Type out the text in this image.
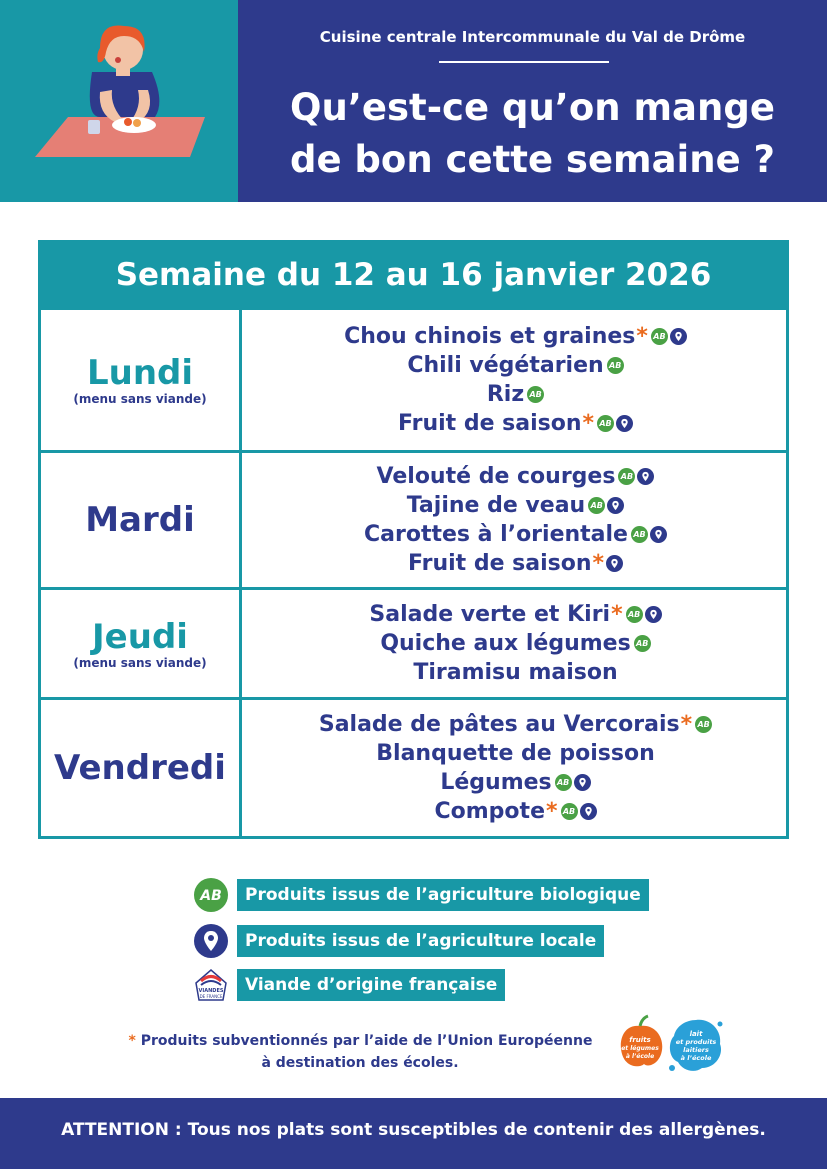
Cuisine centrale Intercommunale du Val de Drôme
Qu’est-ce qu’on mange
de bon cette semaine ?
Semaine du 12 au 16 janvier 2026
Lundi
(menu sans viande)
Chou chinois et graines * AB
Chili végétarien AB
Riz AB
Fruit de saison * AB
Mardi
Velouté de courges AB
Tajine de veau AB
Carottes à l’orientale AB
Fruit de saison *
Jeudi
(menu sans viande)
Salade verte et Kiri * AB
Quiche aux légumes AB
Tiramisu maison
Vendredi
Salade de pâtes au Vercorais * AB
Blanquette de poisson
Légumes AB
Compote * AB
AB	Produits issus de l’agriculture biologique
Produits issus de l’agriculture locale
VIANDES
DE FRANCE
Viande d’origine française
* Produits subventionnés par l’aide de l’Union Européenne
à destination des écoles.
fruits
et légumes
à l’école
lait
et produits
laitiers
à l’école
ATTENTION : Tous nos plats sont susceptibles de contenir des allergènes.
